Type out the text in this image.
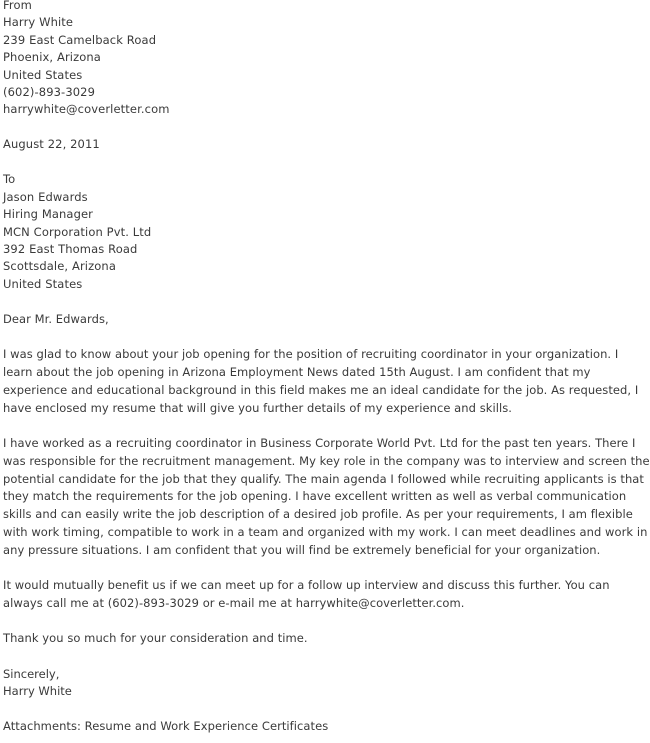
From
Harry White
239 East Camelback Road
Phoenix, Arizona
United States
(602)-893-3029
harrywhite@coverletter.com
August 22, 2011
To
Jason Edwards
Hiring Manager
MCN Corporation Pvt. Ltd
392 East Thomas Road
Scottsdale, Arizona
United States

Dear Mr. Edwards,

I was glad to know about your job opening for the position of recruiting coordinator in your organization. I learn about the job opening in Arizona Employment News dated 15th August. I am confident that my experience and educational background in this field makes me an ideal candidate for the job. As requested, I have enclosed my resume that will give you further details of my experience and skills.

I have worked as a recruiting coordinator in Business Corporate World Pvt. Ltd for the past ten years. There I was responsible for the recruitment management. My key role in the company was to interview and screen the potential candidate for the job that they qualify. The main agenda I followed while recruiting applicants is that they match the requirements for the job opening. I have excellent written as well as verbal communication skills and can easily write the job description of a desired job profile. As per your requirements, I am flexible with work timing, compatible to work in a team and organized with my work. I can meet deadlines and work in any pressure situations. I am confident that you will find be extremely beneficial for your organization.

It would mutually benefit us if we can meet up for a follow up interview and discuss this further. You can always call me at (602)-893-3029 or e-mail me at harrywhite@coverletter.com.

Thank you so much for your consideration and time.

Sincerely,
Harry White

Attachments: Resume and Work Experience Certificates
